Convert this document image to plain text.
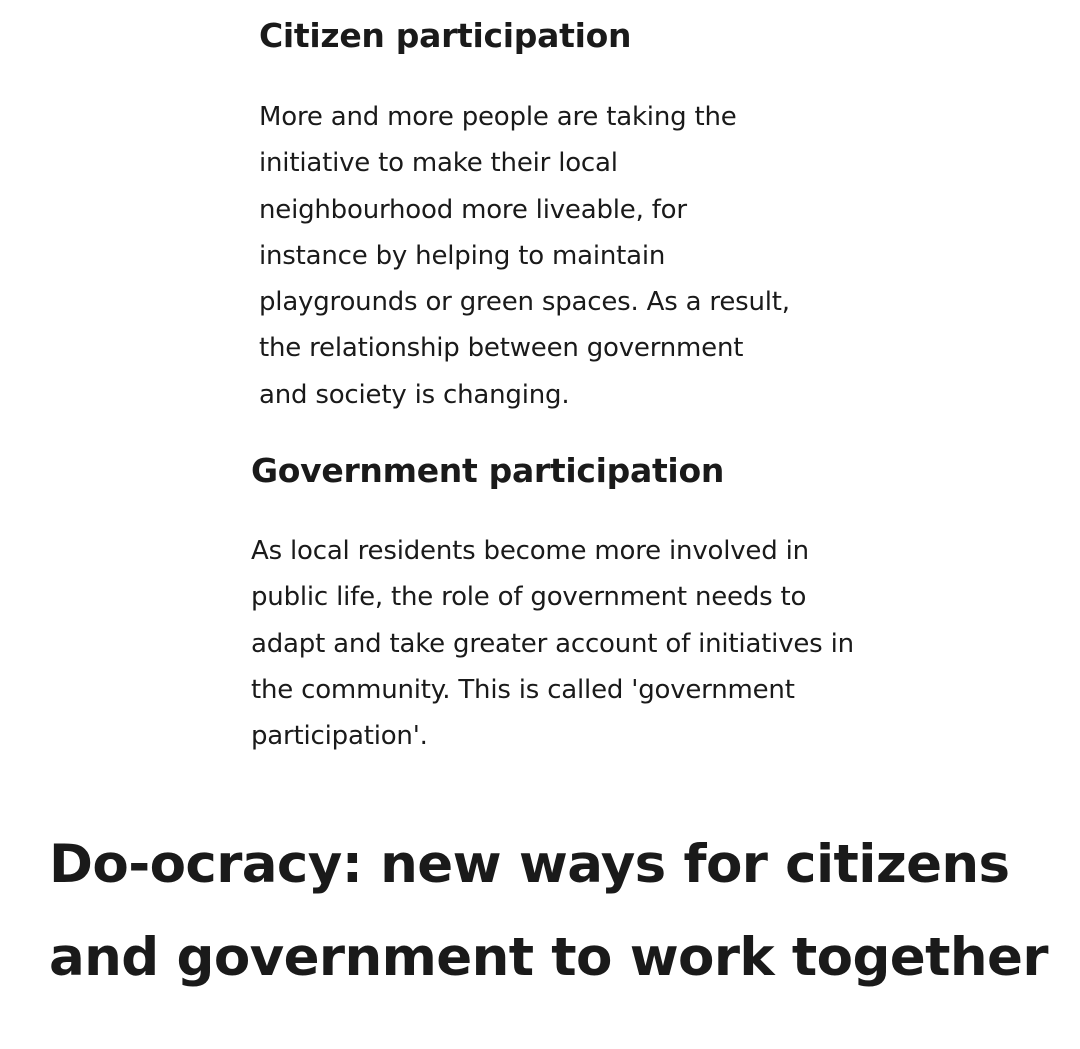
Citizen participation

More and more people are taking the
initiative to make their local
neighbourhood more liveable, for
instance by helping to maintain
playgrounds or green spaces. As a result,
the relationship between government
and society is changing.

Government participation

As local residents become more involved in
public life, the role of government needs to
adapt and take greater account of initiatives in
the community. This is called 'government
participation'.

Do-ocracy: new ways for citizens
and government to work together
